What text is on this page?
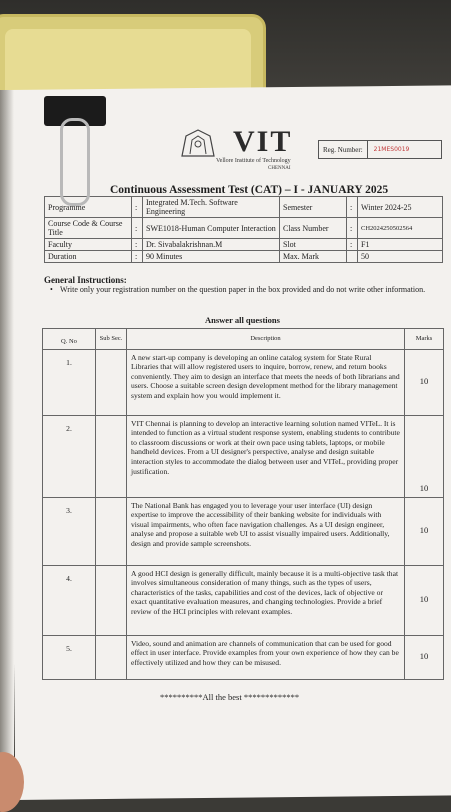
VIT
Vellore Institute of Technology
CHENNAI
Reg. Number:	21MES0019
Continuous Assessment Test (CAT) – I - JANUARY 2025
Programme	:	Integrated M.Tech. Software Engineering	Semester	:	Winter 2024-25
Course Code & Course Title	:	SWE1018-Human Computer Interaction	Class Number	:	CH2024250502564
Faculty	:	Dr. Sivabalakrishnan.M	Slot	:	F1
Duration	:	90 Minutes	Max. Mark		50
General Instructions:
• Write only your registration number on the question paper in the box provided and do not write other information.
Answer all questions
Q. No	Sub Sec.	Description	Marks
1.		A new start-up company is developing an online catalog system for State Rural Libraries that will allow registered users to inquire, borrow, renew, and return books conveniently. They aim to design an interface that meets the needs of both librarians and users. Choose a suitable screen design development method for the library management system and explain how you would implement it.	10
2.		VIT Chennai is planning to develop an interactive learning solution named VITeL. It is intended to function as a virtual student response system, enabling students to contribute to classroom discussions or work at their own pace using tablets, laptops, or mobile handheld devices. From a UI designer's perspective, analyse and design suitable interaction styles to accommodate the dialog between user and VITeL, providing proper justification.	10
3.		The National Bank has engaged you to leverage your user interface (UI) design expertise to improve the accessibility of their banking website for individuals with visual impairments, who often face navigation challenges. As a UI design engineer, analyse and propose a suitable web UI to assist visually impaired users. Additionally, design and provide sample screenshots.	10
4.		A good HCI design is generally difficult, mainly because it is a multi-objective task that involves simultaneous consideration of many things, such as the types of users, characteristics of the tasks, capabilities and cost of the devices, lack of objective or exact quantitative evaluation measures, and changing technologies. Provide a brief review of the HCI principles with relevant examples.	10
5.		Video, sound and animation are channels of communication that can be used for good effect in user interface. Provide examples from your own experience of how they can be effectively utilized and how they can be misused.	10
**********All the best *************
